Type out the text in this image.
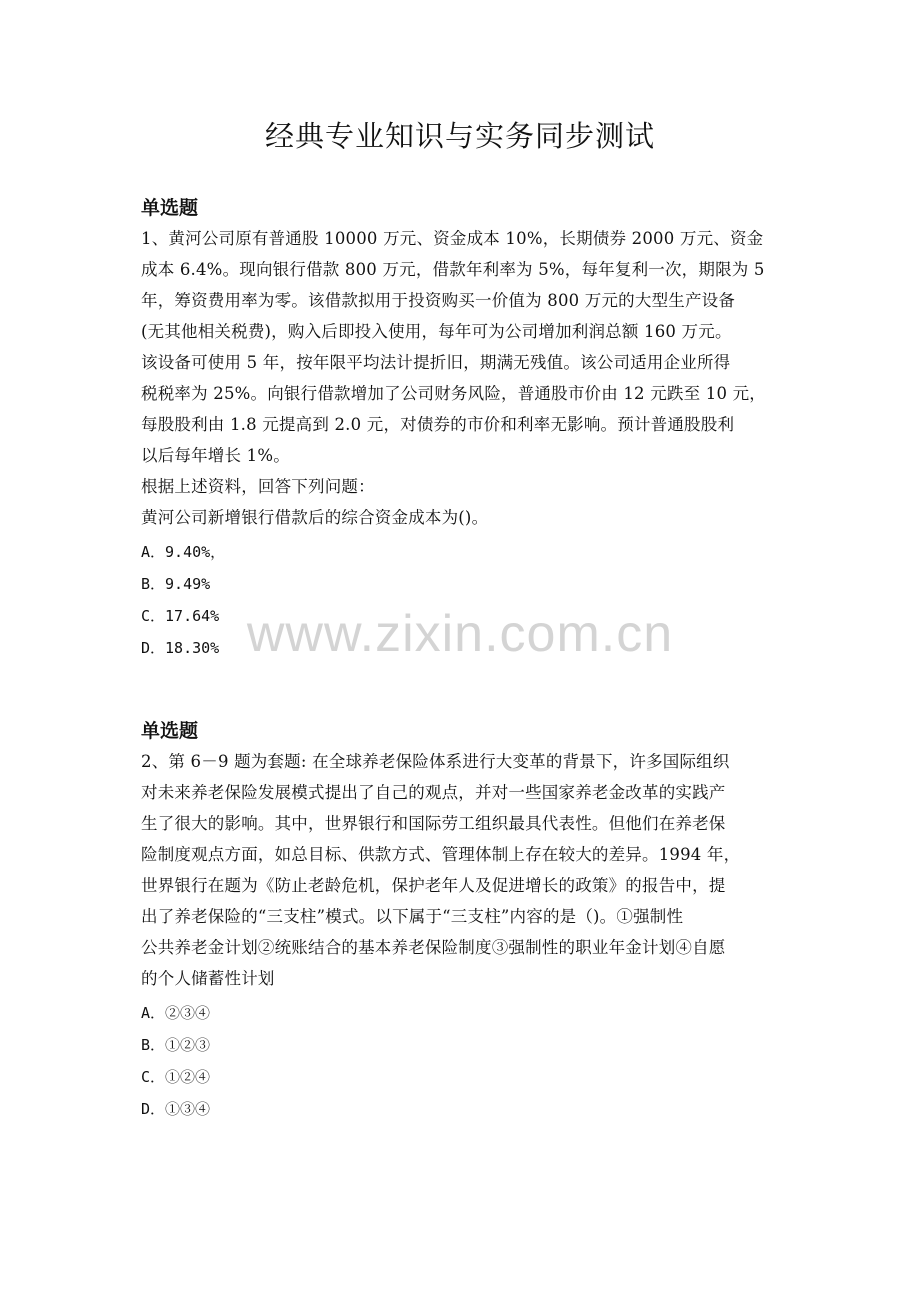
经典专业知识与实务同步测试
www.zixin.com.cn
单选题
1、黄河公司原有普通股 10000 万元、资金成本 10%，长期债券 2000 万元、资金
成本 6.4%。现向银行借款 800 万元，借款年利率为 5%，每年复利一次，期限为 5
年，筹资费用率为零。该借款拟用于投资购买一价值为 800 万元的大型生产设备
(无其他相关税费)，购入后即投入使用，每年可为公司增加利润总额 160 万元。
该设备可使用 5 年，按年限平均法计提折旧，期满无残值。该公司适用企业所得
税税率为 25%。向银行借款增加了公司财务风险，普通股市价由 12 元跌至 10 元，
每股股利由 1.8 元提高到 2.0 元，对债券的市价和利率无影响。预计普通股股利
以后每年增长 1%。
根据上述资料，回答下列问题：
黄河公司新增银行借款后的综合资金成本为()。
A．9.40%，
B．9.49%
C．17.64%
D．18.30%
单选题
2、第 6－9 题为套题: 在全球养老保险体系进行大变革的背景下，许多国际组织
对未来养老保险发展模式提出了自己的观点，并对一些国家养老金改革的实践产
生了很大的影响。其中，世界银行和国际劳工组织最具代表性。但他们在养老保
险制度观点方面，如总目标、供款方式、管理体制上存在较大的差异。1994 年，
世界银行在题为《防止老龄危机，保护老年人及促进增长的政策》的报告中，提
出了养老保险的“三支柱”模式。以下属于“三支柱”内容的是（)。①强制性
公共养老金计划②统账结合的基本养老保险制度③强制性的职业年金计划④自愿
的个人储蓄性计划
A．②③④
B．①②③
C．①②④
D．①③④
